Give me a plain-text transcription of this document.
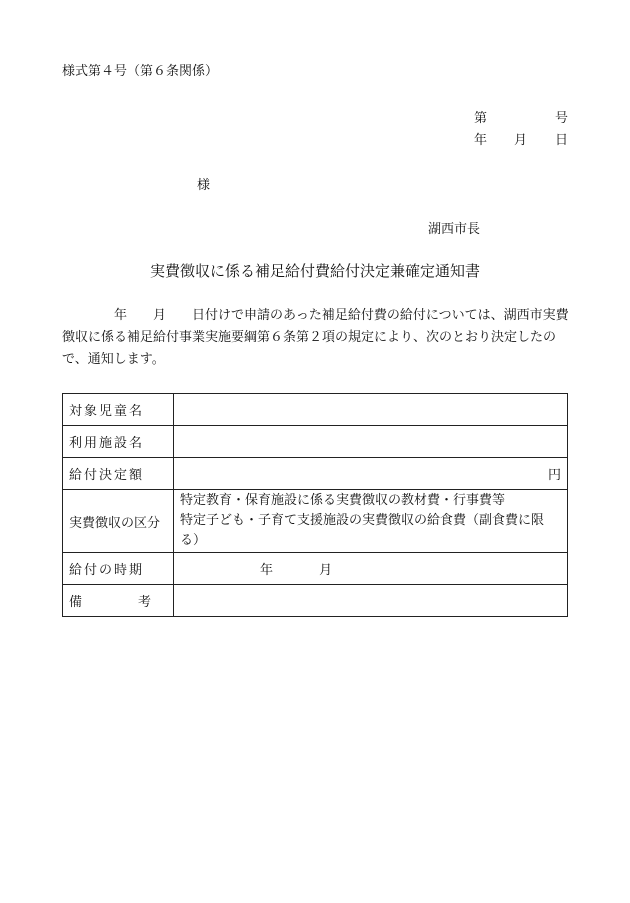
様式第４号（第６条関係）
第	号
年 月 日
様
湖西市長
実費徴収に係る補足給付費給付決定兼確定通知書
　　　　年　　月　　日付けで申請のあった補足給付費の給付については、湖西市実費徴収に係る補足給付事業実施要綱第６条第２項の規定により、次のとおり決定したので、通知します。
対象児童名	
利用施設名	
給付決定額	円

実費徴収の区分	特定教育・保育施設に係る実費徴収の教材費・行事費等
特定子ども・子育て支援施設の実費徴収の給食費（副食費に限る）

給付の時期	年 月

備 考	
